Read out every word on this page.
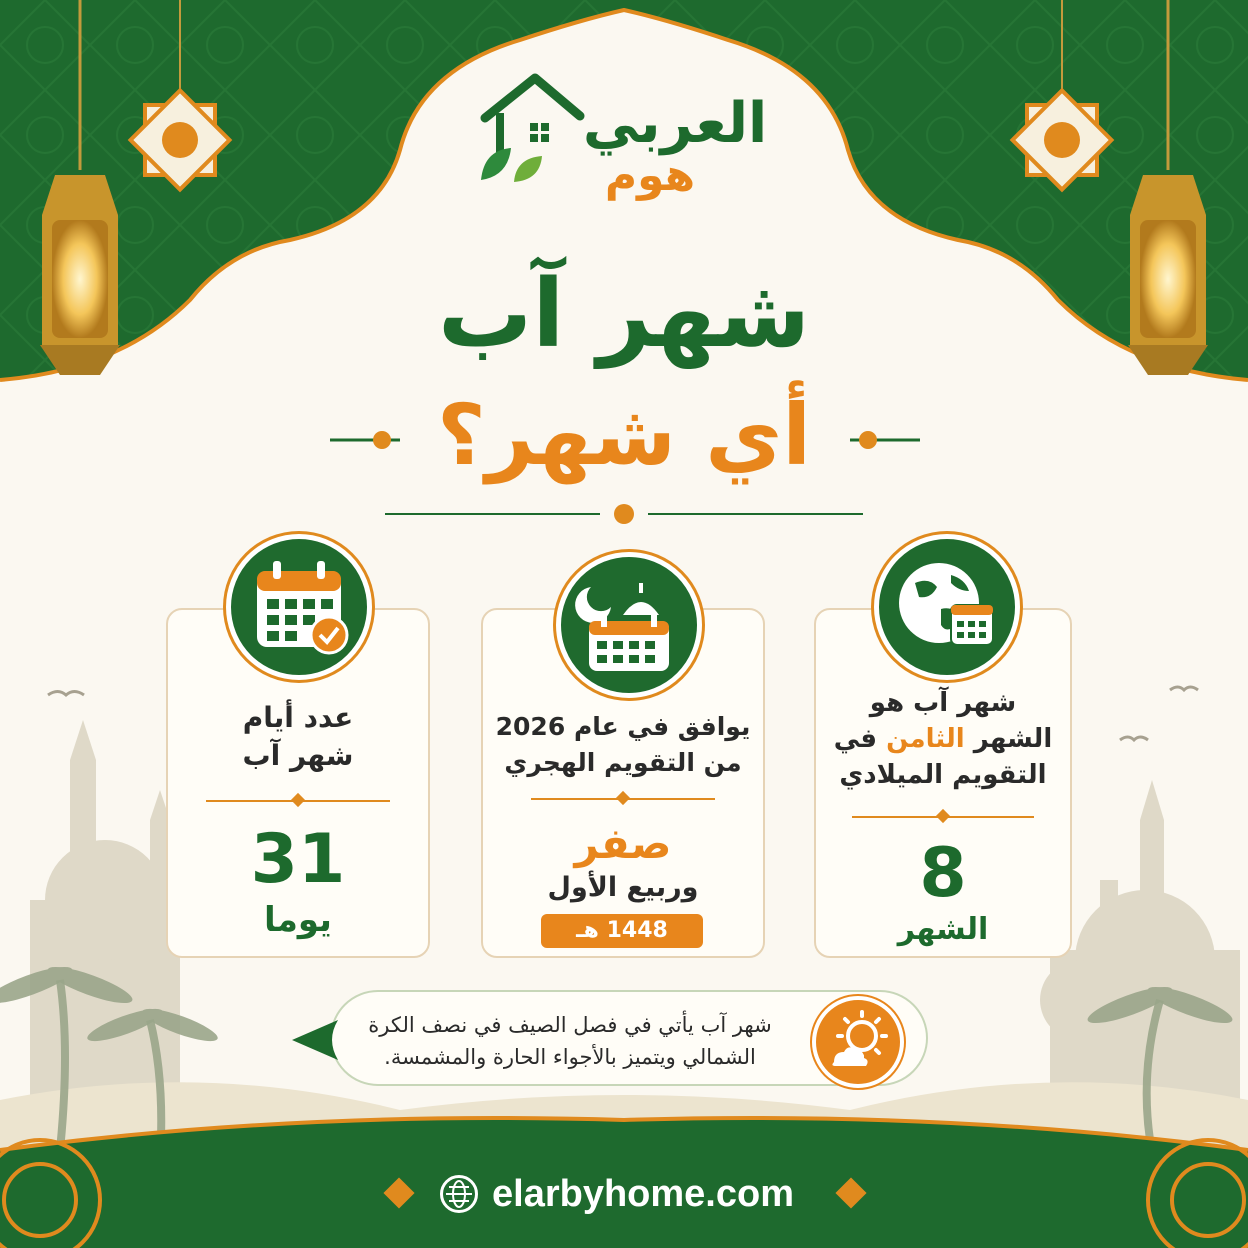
العربي
هوم
شهر آب
أي شهر؟
عدد أيام
شهر آب
31
يوما
يوافق في عام 2026
من التقويم الهجري
صفر
وربيع الأول
1448 هـ
شهر آب هو
الشهر الثامن في
التقويم الميلادي
8
الشهر
شهر آب يأتي في فصل الصيف في نصف الكرة
الشمالي ويتميز بالأجواء الحارة والمشمسة.
elarbyhome.com
